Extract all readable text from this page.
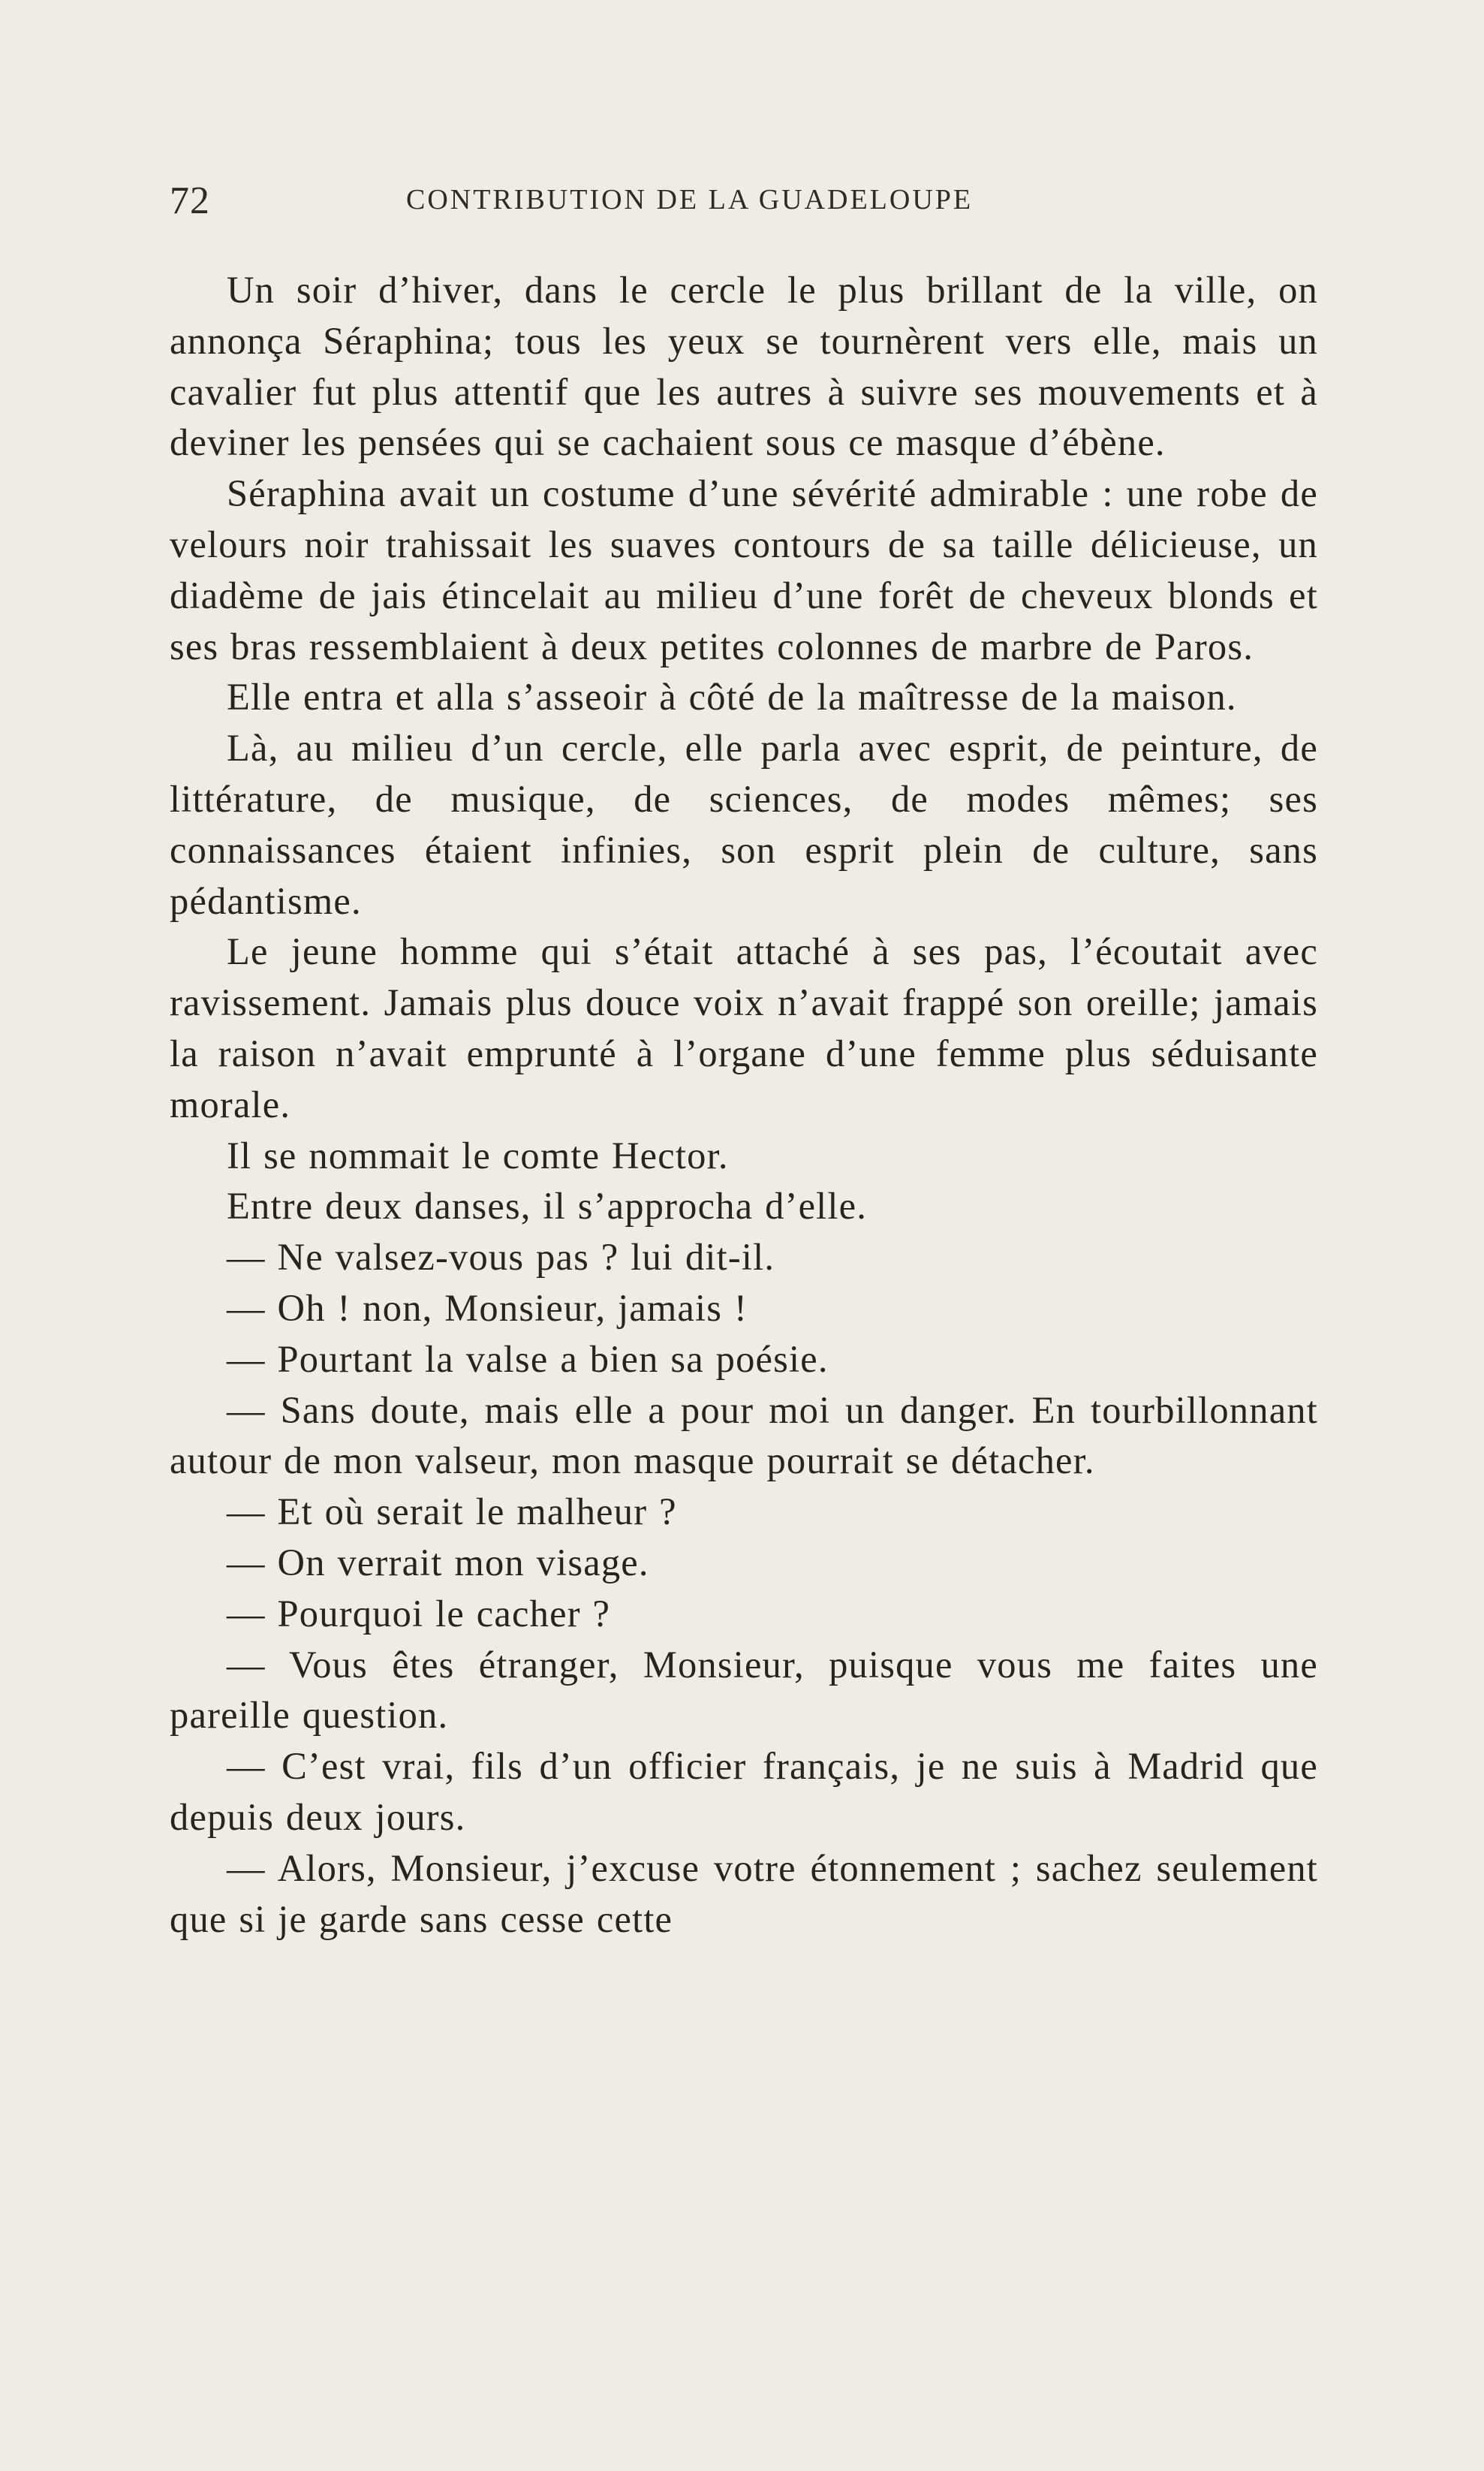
72	CONTRIBUTION DE LA GUADELOUPE

Un soir d’hiver, dans le cercle le plus brillant de la ville, on annonça Séraphina; tous les yeux se tournèrent vers elle, mais un cavalier fut plus attentif que les autres à suivre ses mouvements et à deviner les pensées qui se cachaient sous ce masque d’ébène.

Séraphina avait un costume d’une sévérité admirable : une robe de velours noir trahissait les suaves contours de sa taille délicieuse, un diadème de jais étincelait au milieu d’une forêt de cheveux blonds et ses bras ressemblaient à deux petites colonnes de marbre de Paros.

Elle entra et alla s’asseoir à côté de la maîtresse de la maison.

Là, au milieu d’un cercle, elle parla avec esprit, de peinture, de littérature, de musique, de sciences, de modes mêmes; ses connaissances étaient infinies, son esprit plein de culture, sans pédantisme.

Le jeune homme qui s’était attaché à ses pas, l’écoutait avec ravissement. Jamais plus douce voix n’avait frappé son oreille; jamais la raison n’avait emprunté à l’organe d’une femme plus séduisante morale.

Il se nommait le comte Hector.

Entre deux danses, il s’approcha d’elle.

— Ne valsez-vous pas ? lui dit-il.

— Oh ! non, Monsieur, jamais !

— Pourtant la valse a bien sa poésie.

— Sans doute, mais elle a pour moi un danger. En tourbillonnant autour de mon valseur, mon masque pourrait se détacher.

— Et où serait le malheur ?

— On verrait mon visage.

— Pourquoi le cacher ?

— Vous êtes étranger, Monsieur, puisque vous me faites une pareille question.

— C’est vrai, fils d’un officier français, je ne suis à Madrid que depuis deux jours.

— Alors, Monsieur, j’excuse votre étonnement ; sachez seulement que si je garde sans cesse cette
